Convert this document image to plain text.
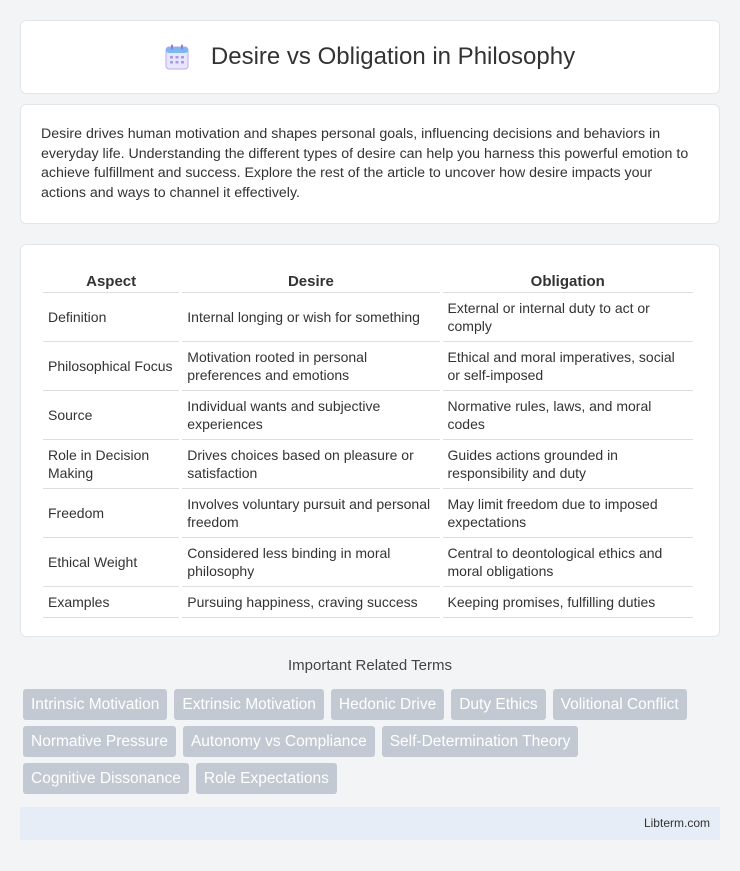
Desire vs Obligation in Philosophy

Desire drives human motivation and shapes personal goals, influencing decisions and behaviors in everyday life. Understanding the different types of desire can help you harness this powerful emotion to achieve fulfillment and success. Explore the rest of the article to uncover how desire impacts your actions and ways to channel it effectively.

Aspect	Desire	Obligation
Definition	Internal longing or wish for something	External or internal duty to act or comply
Philosophical Focus	Motivation rooted in personal preferences and emotions	Ethical and moral imperatives, social or self-imposed
Source	Individual wants and subjective experiences	Normative rules, laws, and moral codes
Role in Decision Making	Drives choices based on pleasure or satisfaction	Guides actions grounded in responsibility and duty
Freedom	Involves voluntary pursuit and personal freedom	May limit freedom due to imposed expectations
Ethical Weight	Considered less binding in moral philosophy	Central to deontological ethics and moral obligations
Examples	Pursuing happiness, craving success	Keeping promises, fulfilling duties
Important Related Terms
Intrinsic Motivation	Extrinsic Motivation	Hedonic Drive	Duty Ethics	Volitional Conflict
Normative Pressure	Autonomy vs Compliance	Self-Determination Theory
Cognitive Dissonance	Role Expectations
Libterm.com
